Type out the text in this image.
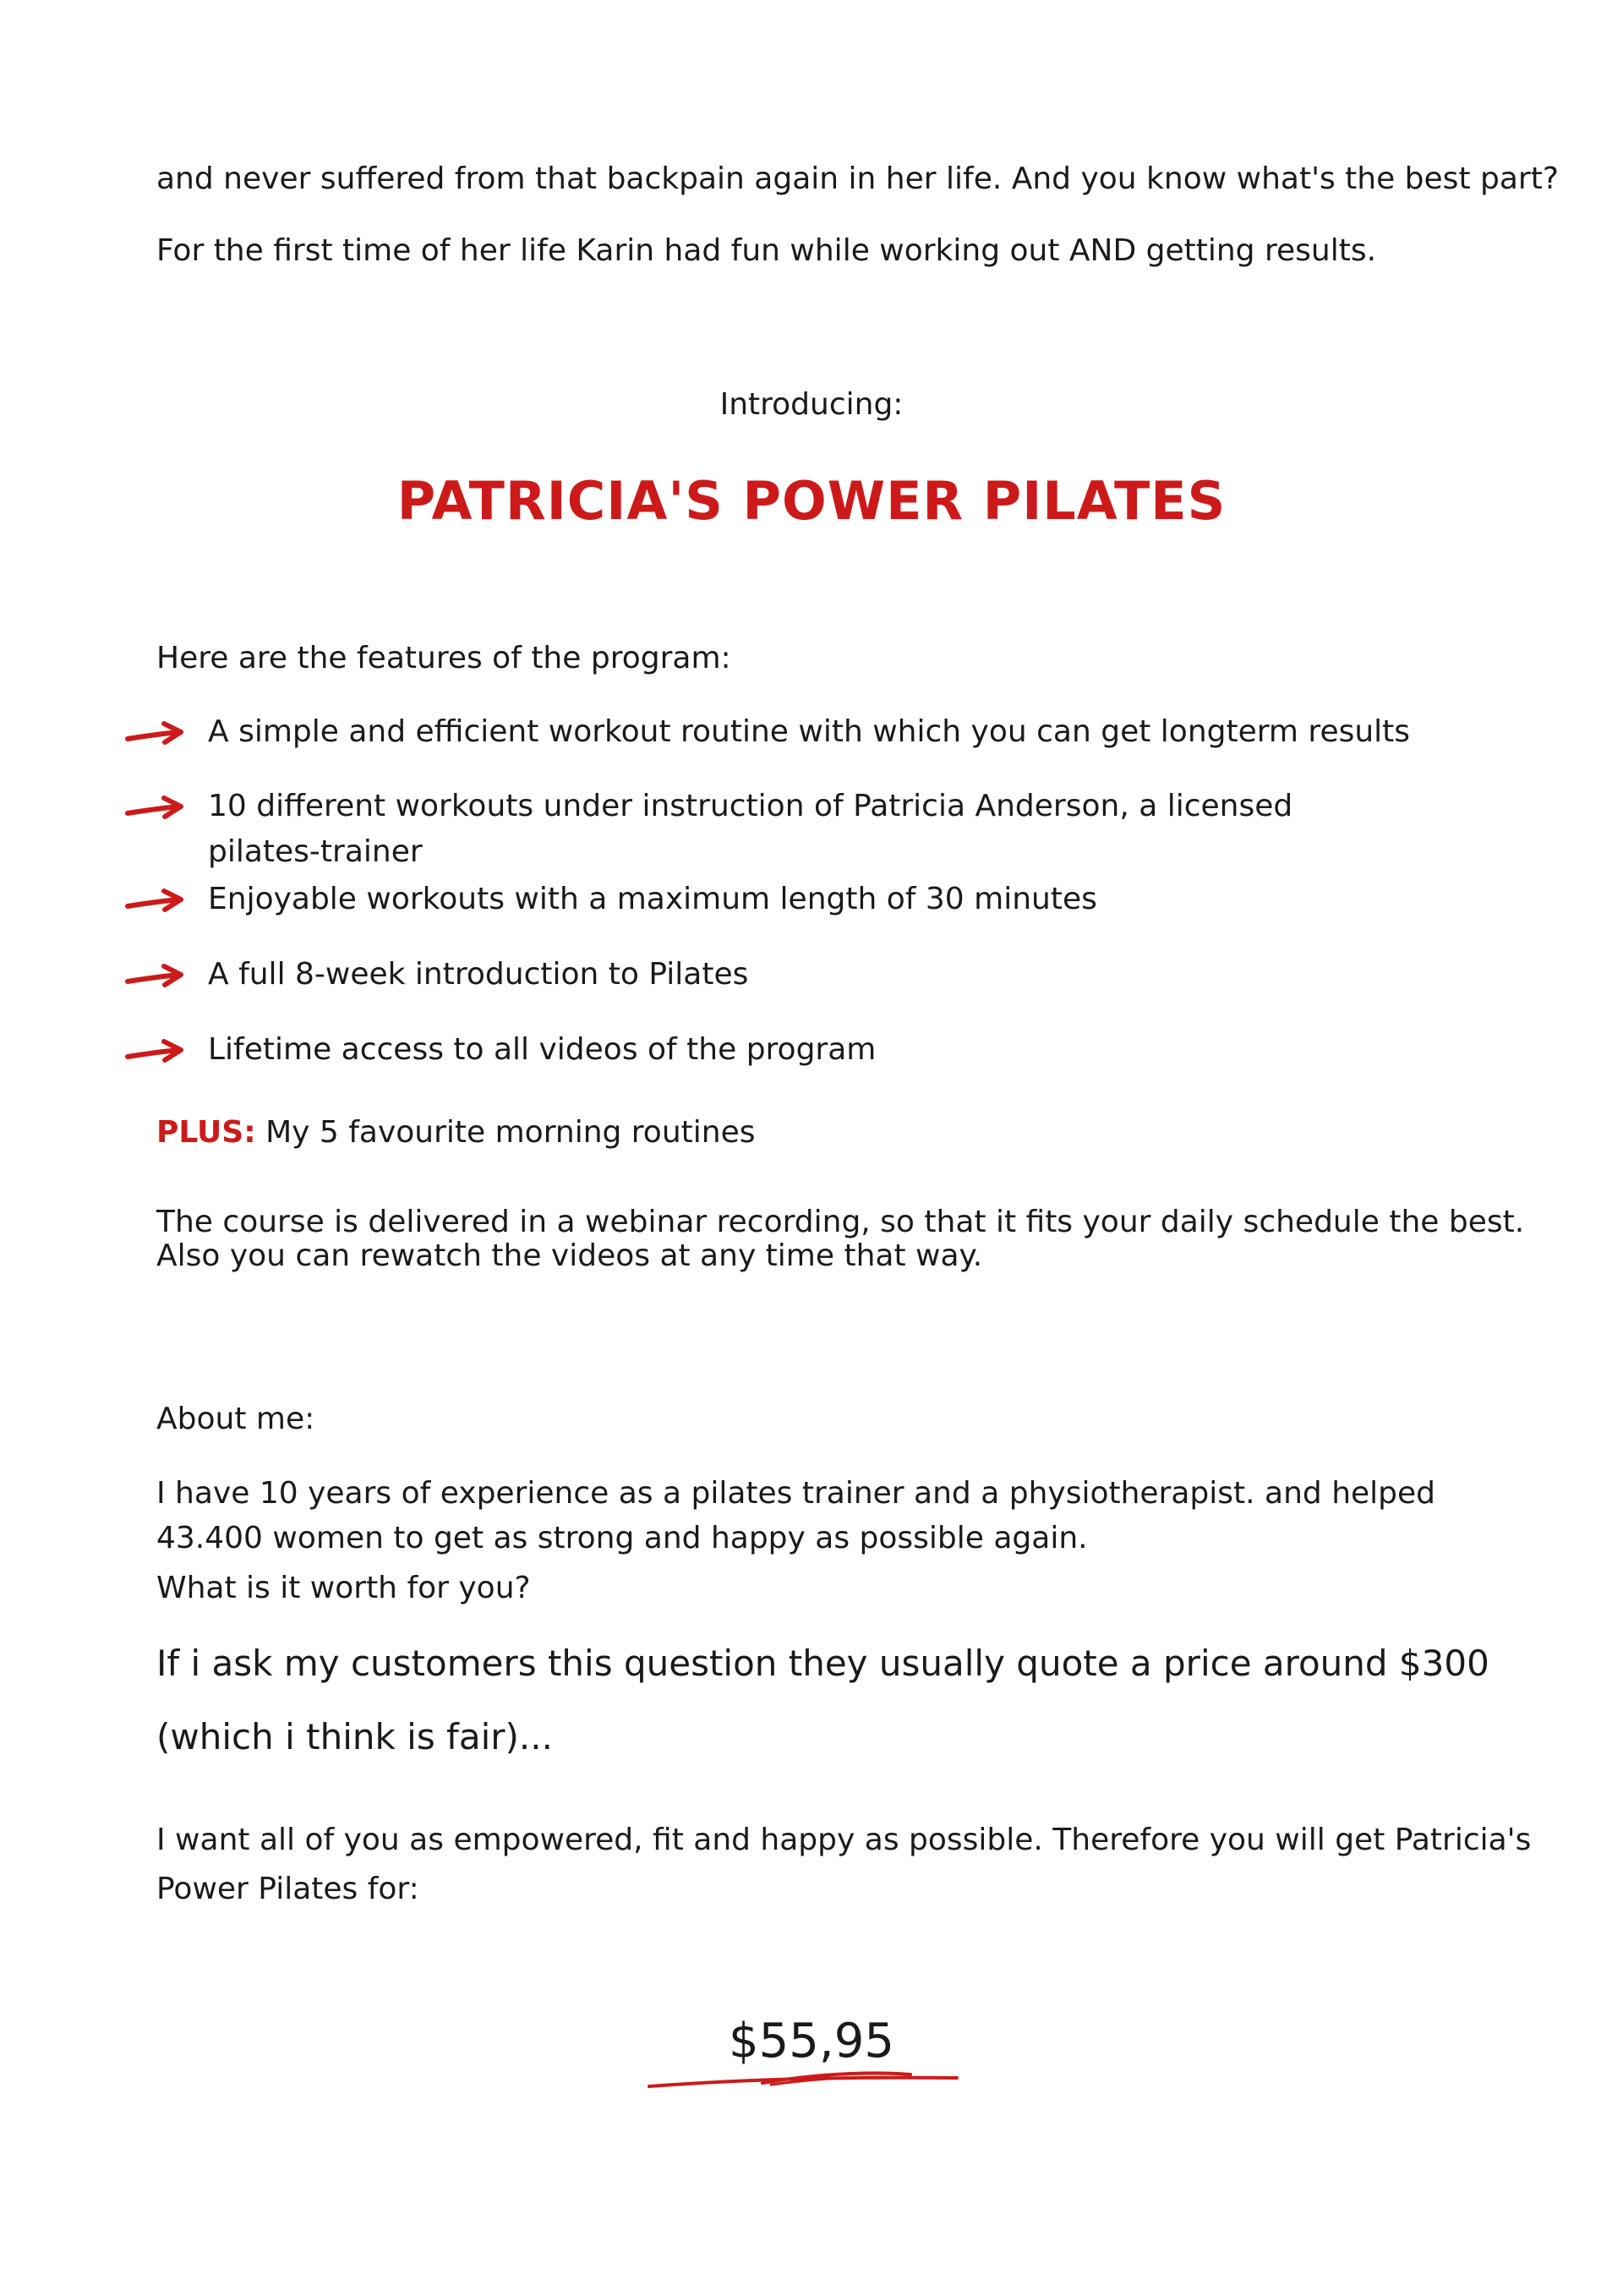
and never suffered from that backpain again in her life. And you know what's the best part?

For the first time of her life Karin had fun while working out AND getting results.

Introducing:

PATRICIA'S POWER PILATES

Here are the features of the program:

A simple and efficient workout routine with which you can get longterm results

10 different workouts under instruction of Patricia Anderson, a licensed pilates-trainer

Enjoyable workouts with a maximum length of 30 minutes

A full 8-week introduction to Pilates

Lifetime access to all videos of the program

PLUS: My 5 favourite morning routines

The course is delivered in a webinar recording, so that it fits your daily schedule the best.

Also you can rewatch the videos at any time that way.

About me:

I have 10 years of experience as a pilates trainer and a physiotherapist. and helped

43.400 women to get as strong and happy as possible again.

What is it worth for you?

If i ask my customers this question they usually quote a price around $300

(which i think is fair)...

I want all of you as empowered, fit and happy as possible. Therefore you will get Patricia's

Power Pilates for:

$55,95
